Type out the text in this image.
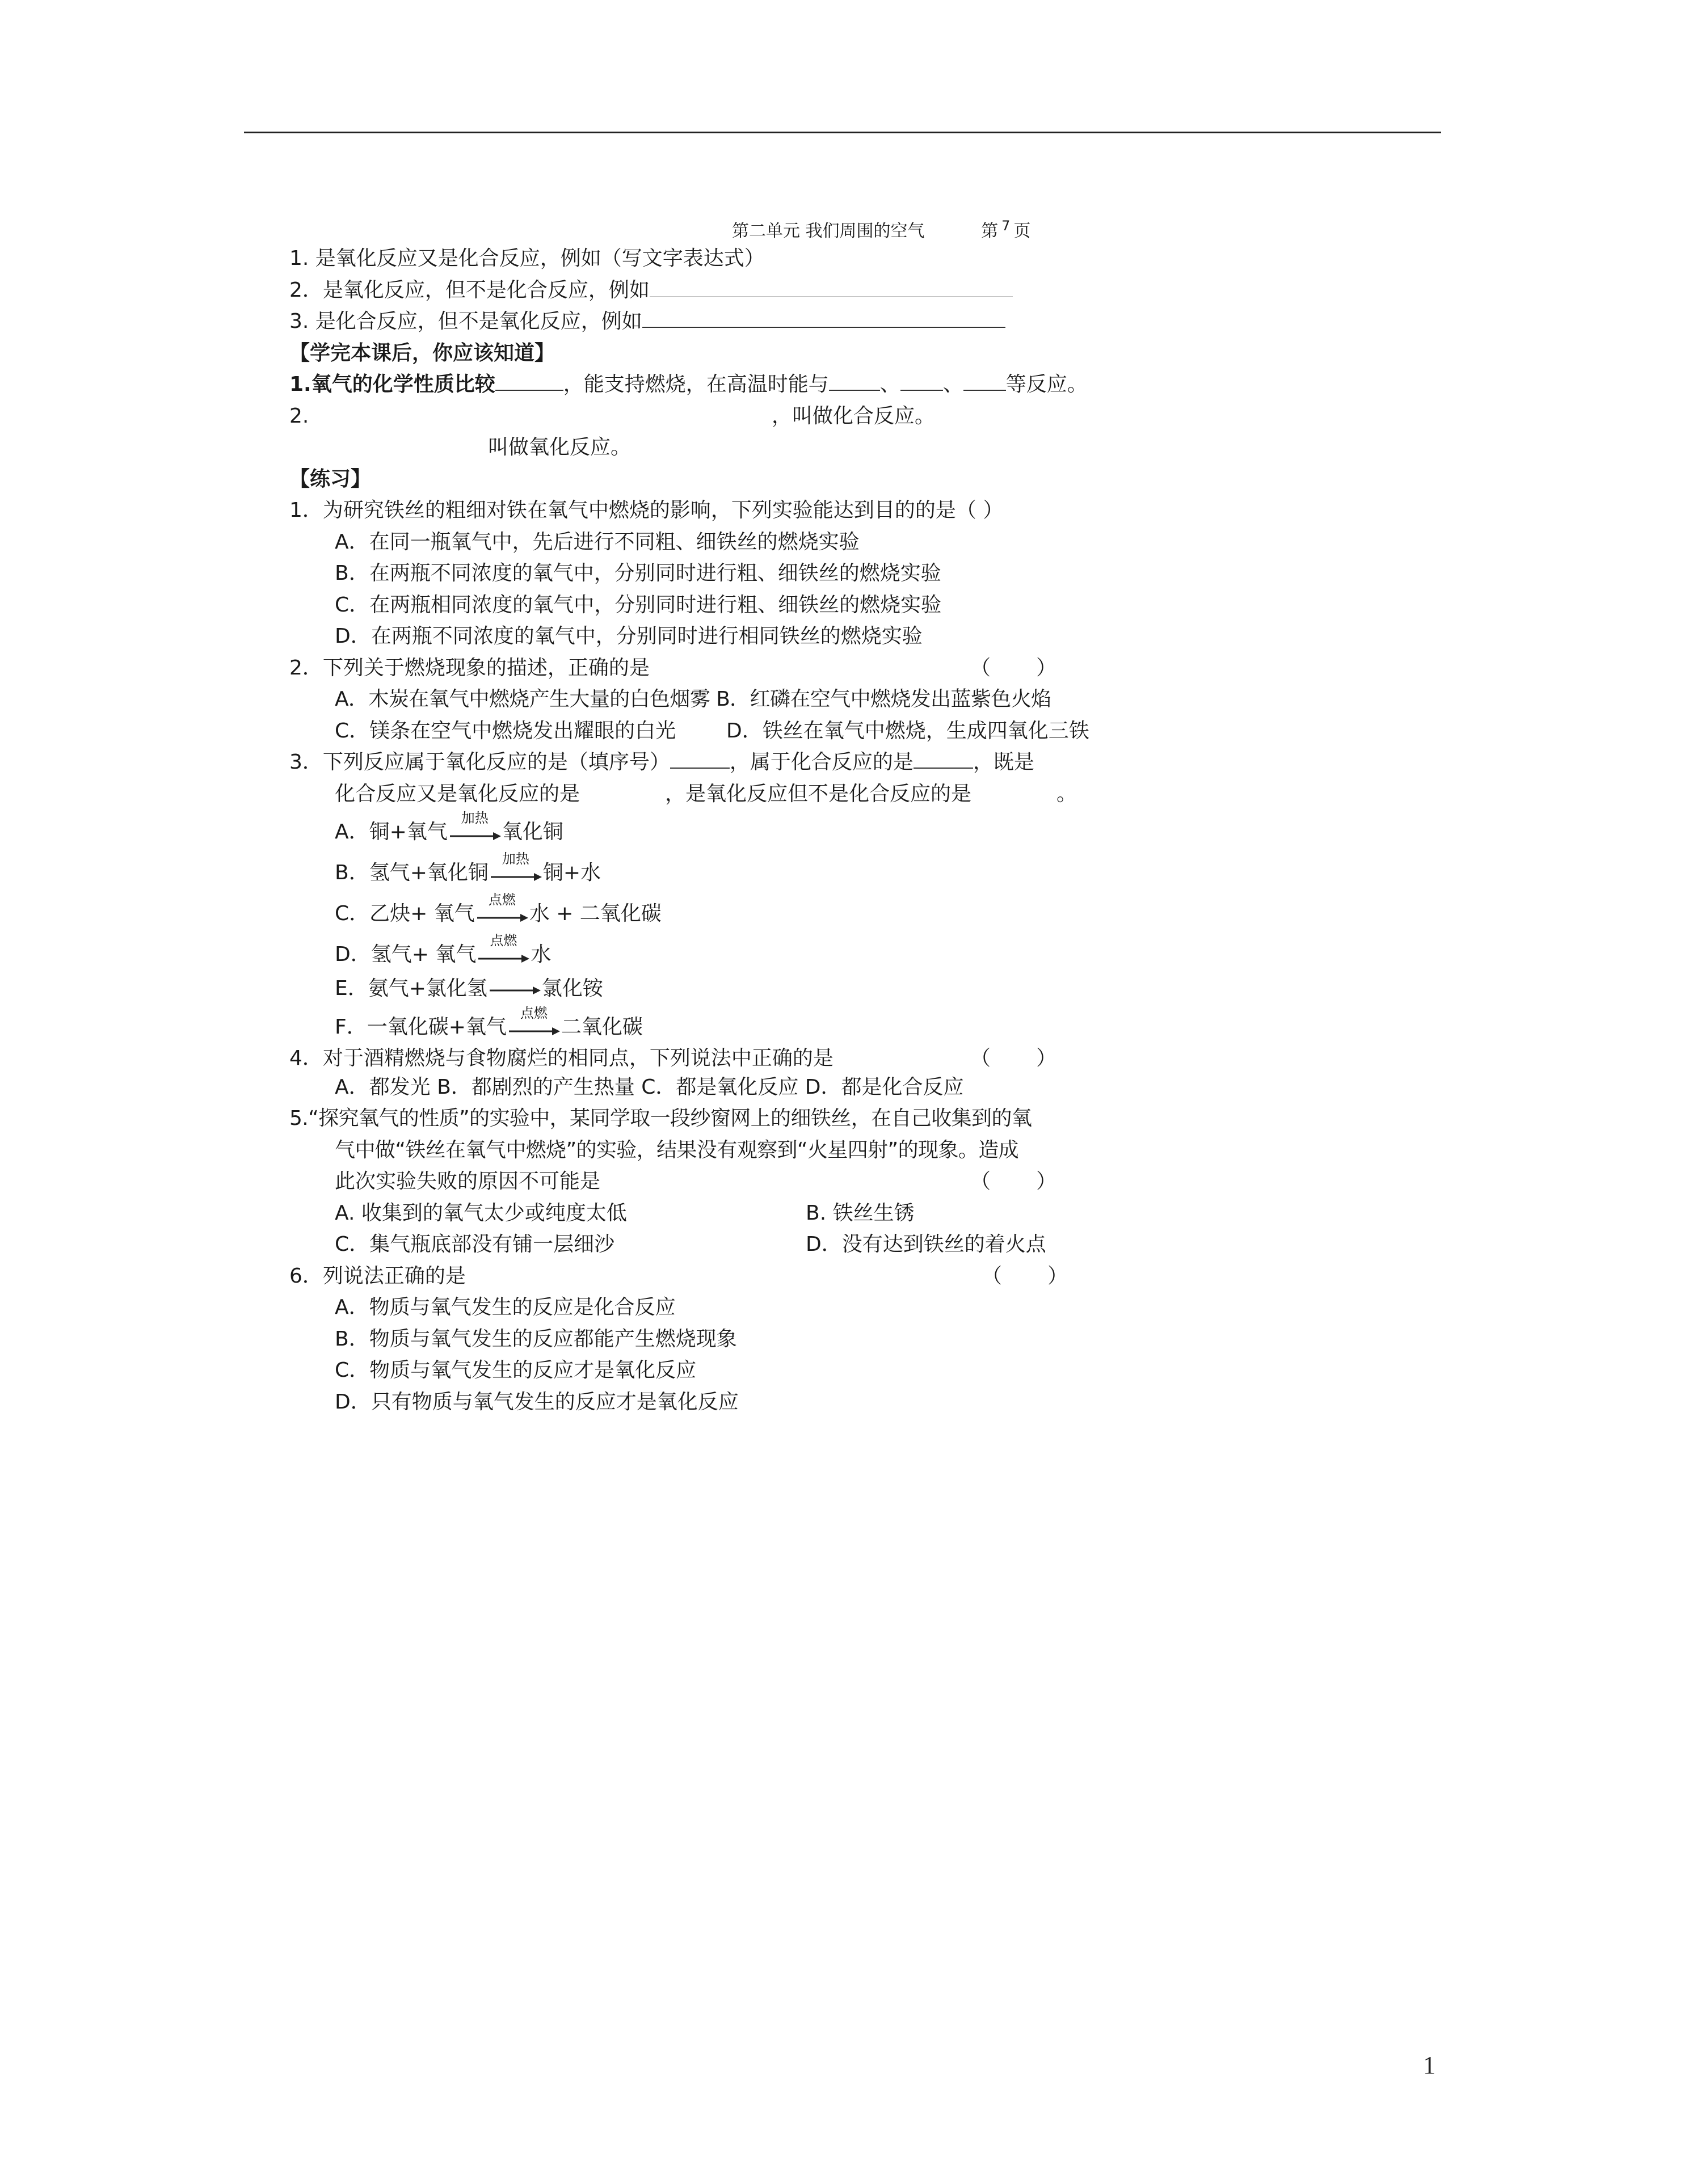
第二单元 我们周围的空气	第 $^7$ 页
1. 是氧化反应又是化合反应，例如（写文字表达式）
2．是氧化反应，但不是化合反应，例如
3. 是化合反应，但不是氧化反应，例如
【学完本课后，你应该知道】
1.氧气的化学性质比较	，能支持燃烧，在高温时能与	、 、 等反应。
2.	，叫做化合反应。
叫做氧化反应。
【练习】
1．为研究铁丝的粗细对铁在氧气中燃烧的影响，下列实验能达到目的的是（ ）
A．在同一瓶氧气中，先后进行不同粗、细铁丝的燃烧实验
B．在两瓶不同浓度的氧气中，分别同时进行粗、细铁丝的燃烧实验
C．在两瓶相同浓度的氧气中，分别同时进行粗、细铁丝的燃烧实验
D．在两瓶不同浓度的氧气中，分别同时进行相同铁丝的燃烧实验
2．下列关于燃烧现象的描述，正确的是	（       ）
A．木炭在氧气中燃烧产生大量的白色烟雾 B．红磷在空气中燃烧发出蓝紫色火焰
C．镁条在空气中燃烧发出耀眼的白光 D．铁丝在氧气中燃烧，生成四氧化三铁
3．下列反应属于氧化反应的是（填序号）	，属于化合反应的是	，既是
化合反应又是氧化反应的是	，是氧化反应但不是化合反应的是	。
A．铜+氧气
加热
氧化铜
B．氢气+氧化铜
加热
铜+水
C．乙炔+ 氧气
点燃
水 + 二氧化碳
D．氢气+ 氧气
点燃
水
E．氨气+氯化氢	氯化铵
F．一氧化碳+氧气
点燃
二氧化碳
4．对于酒精燃烧与食物腐烂的相同点，下列说法中正确的是	（       ）
A．都发光 B．都剧烈的产生热量 C．都是氧化反应 D．都是化合反应
5.“探究氧气的性质”的实验中，某同学取一段纱窗网上的细铁丝，在自己收集到的氧
气中做“铁丝在氧气中燃烧”的实验，结果没有观察到“火星四射”的现象。造成
此次实验失败的原因不可能是	（       ）
A. 收集到的氧气太少或纯度太低	B. 铁丝生锈
C．集气瓶底部没有铺一层细沙	D．没有达到铁丝的着火点
6．列说法正确的是	（       ）
A．物质与氧气发生的反应是化合反应
B．物质与氧气发生的反应都能产生燃烧现象
C．物质与氧气发生的反应才是氧化反应
D．只有物质与氧气发生的反应才是氧化反应
1
